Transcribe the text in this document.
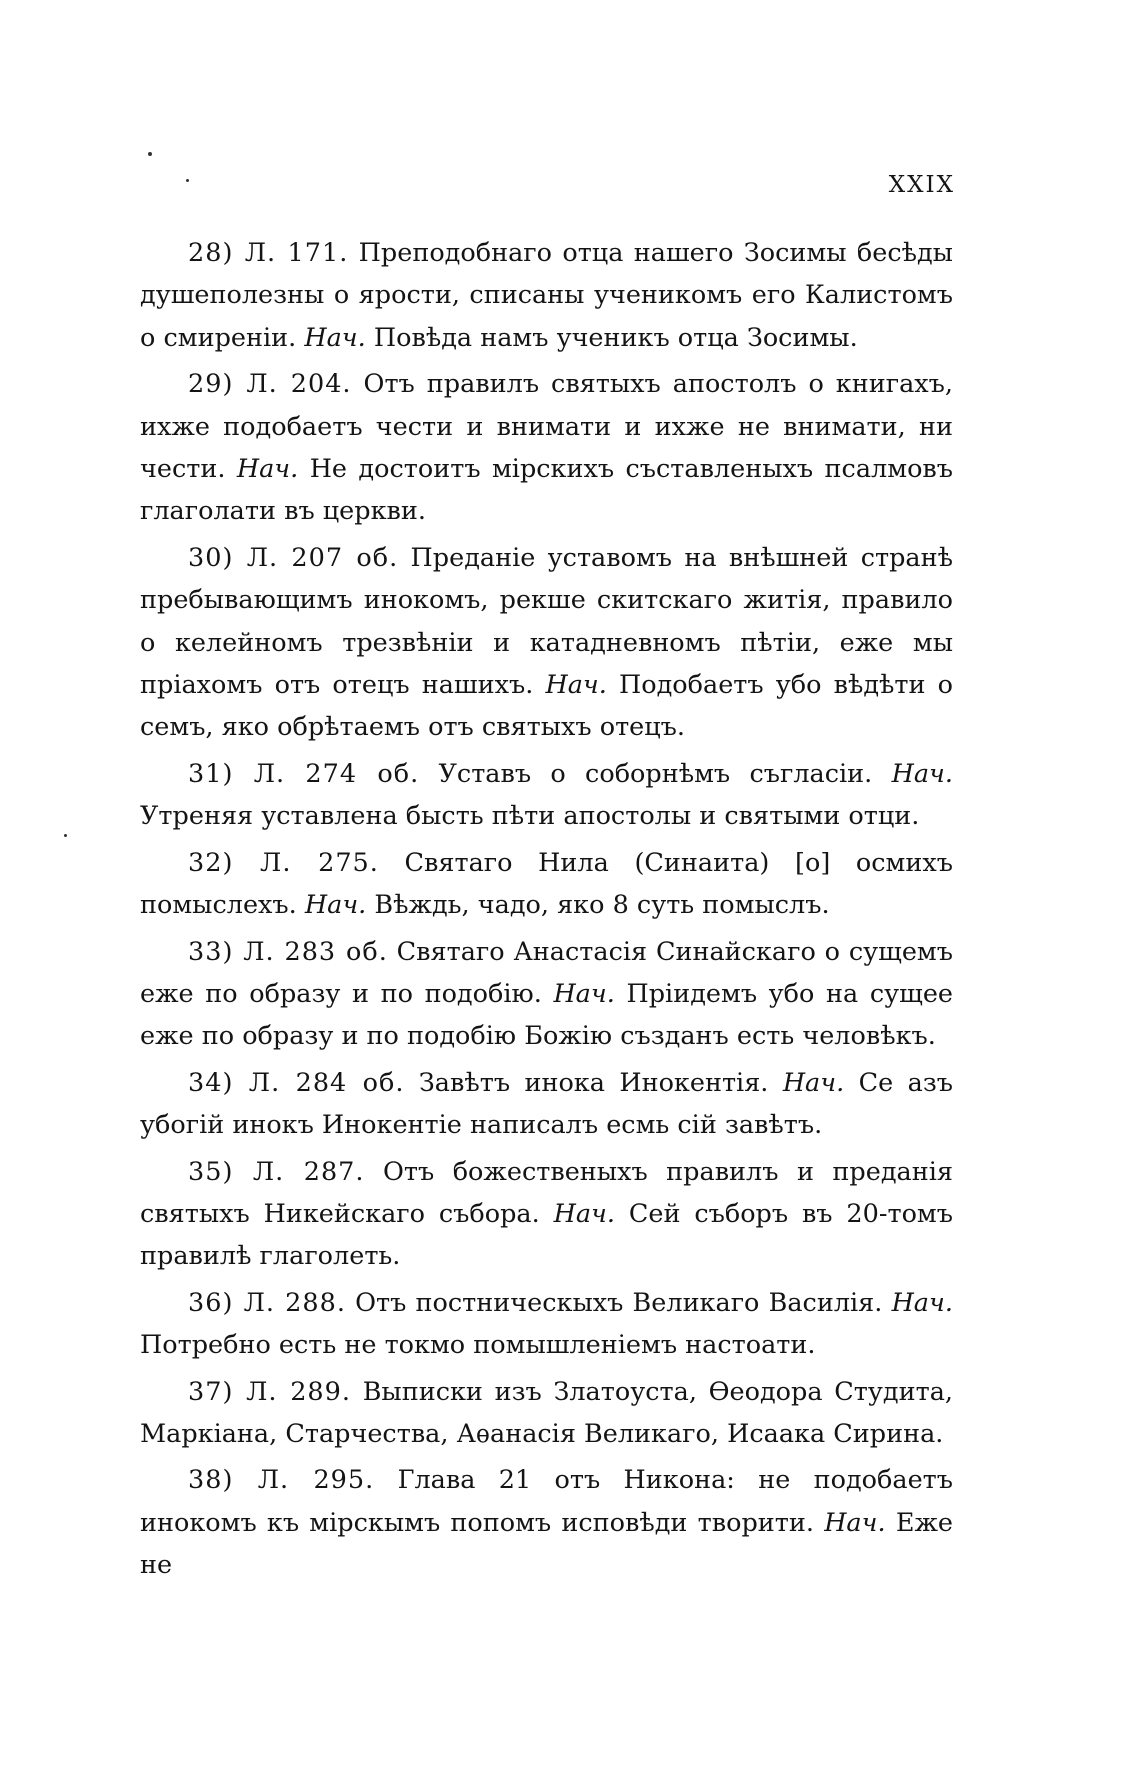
XXIX

28) Л. 171. Преподобнаго отца нашего Зосимы бесѣды душеполезны о ярости, списаны ученикомъ его Калистомъ о смиреніи. Нач. Повѣда намъ ученикъ отца Зосимы.

29) Л. 204. Отъ правилъ святыхъ апостолъ о книгахъ, ихже подобаетъ чести и внимати и ихже не внимати, ни чести. Нач. Не достоитъ мірскихъ съставленыхъ псалмовъ глаголати въ церкви.

30) Л. 207 об. Преданіе уставомъ на внѣшней странѣ пребывающимъ инокомъ, рекше скитскаго житія, правило о келейномъ трезвѣніи и катадневномъ пѣтіи, еже мы пріахомъ отъ отецъ нашихъ. Нач. Подобаетъ убо вѣдѣти о семъ, яко обрѣтаемъ отъ святыхъ отецъ.

31) Л. 274 об. Уставъ о соборнѣмъ съгласіи. Нач. Утреняя уставлена бысть пѣти апостолы и святыми отци.

32) Л. 275. Святаго Нила (Синаита) [о] осмихъ помыслехъ. Нач. Вѣждь, чадо, яко 8 суть помыслъ.

33) Л. 283 об. Святаго Анастасія Синайскаго о сущемъ еже по образу и по подобію. Нач. Пріидемъ убо на сущее еже по образу и по подобію Божію създанъ есть человѣкъ.

34) Л. 284 об. Завѣтъ инока Инокентія. Нач. Се азъ убогій инокъ Инокентіе написалъ есмь сій завѣтъ.

35) Л. 287. Отъ божественыхъ правилъ и преданія святыхъ Никейскаго събора. Нач. Сей съборъ въ 20-томъ правилѣ глаголеть.

36) Л. 288. Отъ постническыхъ Великаго Василія. Нач. Потребно есть не токмо помышленіемъ настоати.

37) Л. 289. Выписки изъ Златоуста, Ѳеодора Студита, Маркіана, Старчества, Аѳанасія Великаго, Исаака Сирина.

38) Л. 295. Глава 21 отъ Никона: не подобаетъ инокомъ къ мірскымъ попомъ исповѣди творити. Нач. Еже не
